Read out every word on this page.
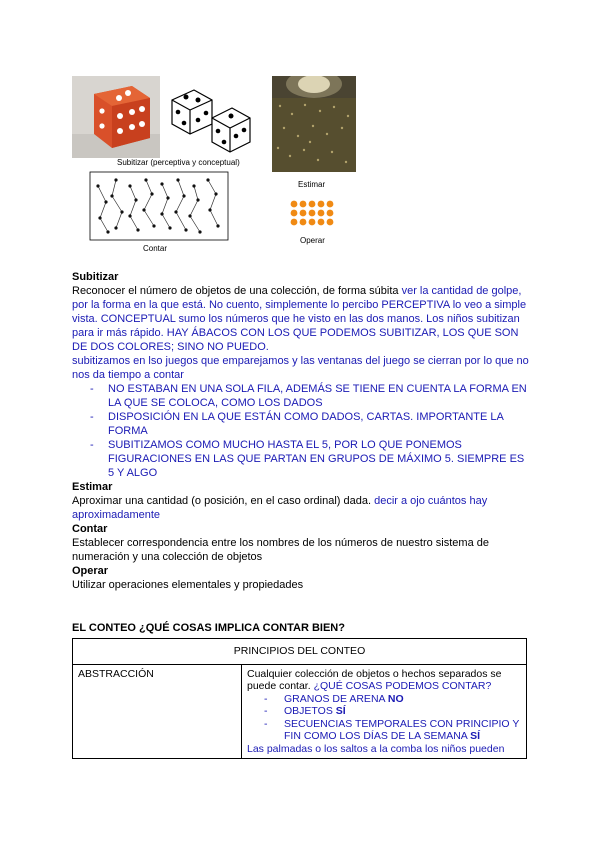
Subitizar (perceptiva y conceptual)
Estimar
Contar
Operar
Subitizar

Reconocer el número de objetos de una colección, de forma súbita ver la cantidad de golpe, por la forma en la que está. No cuento, simplemente lo percibo PERCEPTIVA lo veo a simple vista. CONCEPTUAL sumo los números que he visto en las dos manos. Los niños subitizan para ir más rápido. HAY ÁBACOS CON LOS QUE PODEMOS SUBITIZAR, LOS QUE SON DE DOS COLORES; SINO NO PUEDO.

subitizamos en lso juegos que emparejamos y las ventanas del juego se cierran por lo que no nos da tiempo a contar

- NO ESTABAN EN UNA SOLA FILA, ADEMÁS SE TIENE EN CUENTA LA FORMA EN LA QUE SE COLOCA, COMO LOS DADOS
- DISPOSICIÓN EN LA QUE ESTÁN COMO DADOS, CARTAS. IMPORTANTE LA FORMA
- SUBITIZAMOS COMO MUCHO HASTA EL 5, POR LO QUE PONEMOS FIGURACIONES EN LAS QUE PARTAN EN GRUPOS DE MÁXIMO 5. SIEMPRE ES 5 Y ALGO
Estimar

Aproximar una cantidad (o posición, en el caso ordinal) dada. decir a ojo cuántos hay aproximadamente

Contar

Establecer correspondencia entre los nombres de los números de nuestro sistema de numeración y una colección de objetos

Operar

Utilizar operaciones elementales y propiedades

EL CONTEO ¿QUÉ COSAS IMPLICA CONTAR BIEN?
PRINCIPIOS DEL CONTEO
ABSTRACCIÓN	Cualquier colección de objetos o hechos separados se puede contar. ¿QUÉ COSAS PODEMOS CONTAR?
- GRANOS DE ARENA NO
- OBJETOS SÍ
- SECUENCIAS TEMPORALES CON PRINCIPIO Y FIN COMO LOS DÍAS DE LA SEMANA SÍ
Las palmadas o los saltos a la comba los niños pueden
